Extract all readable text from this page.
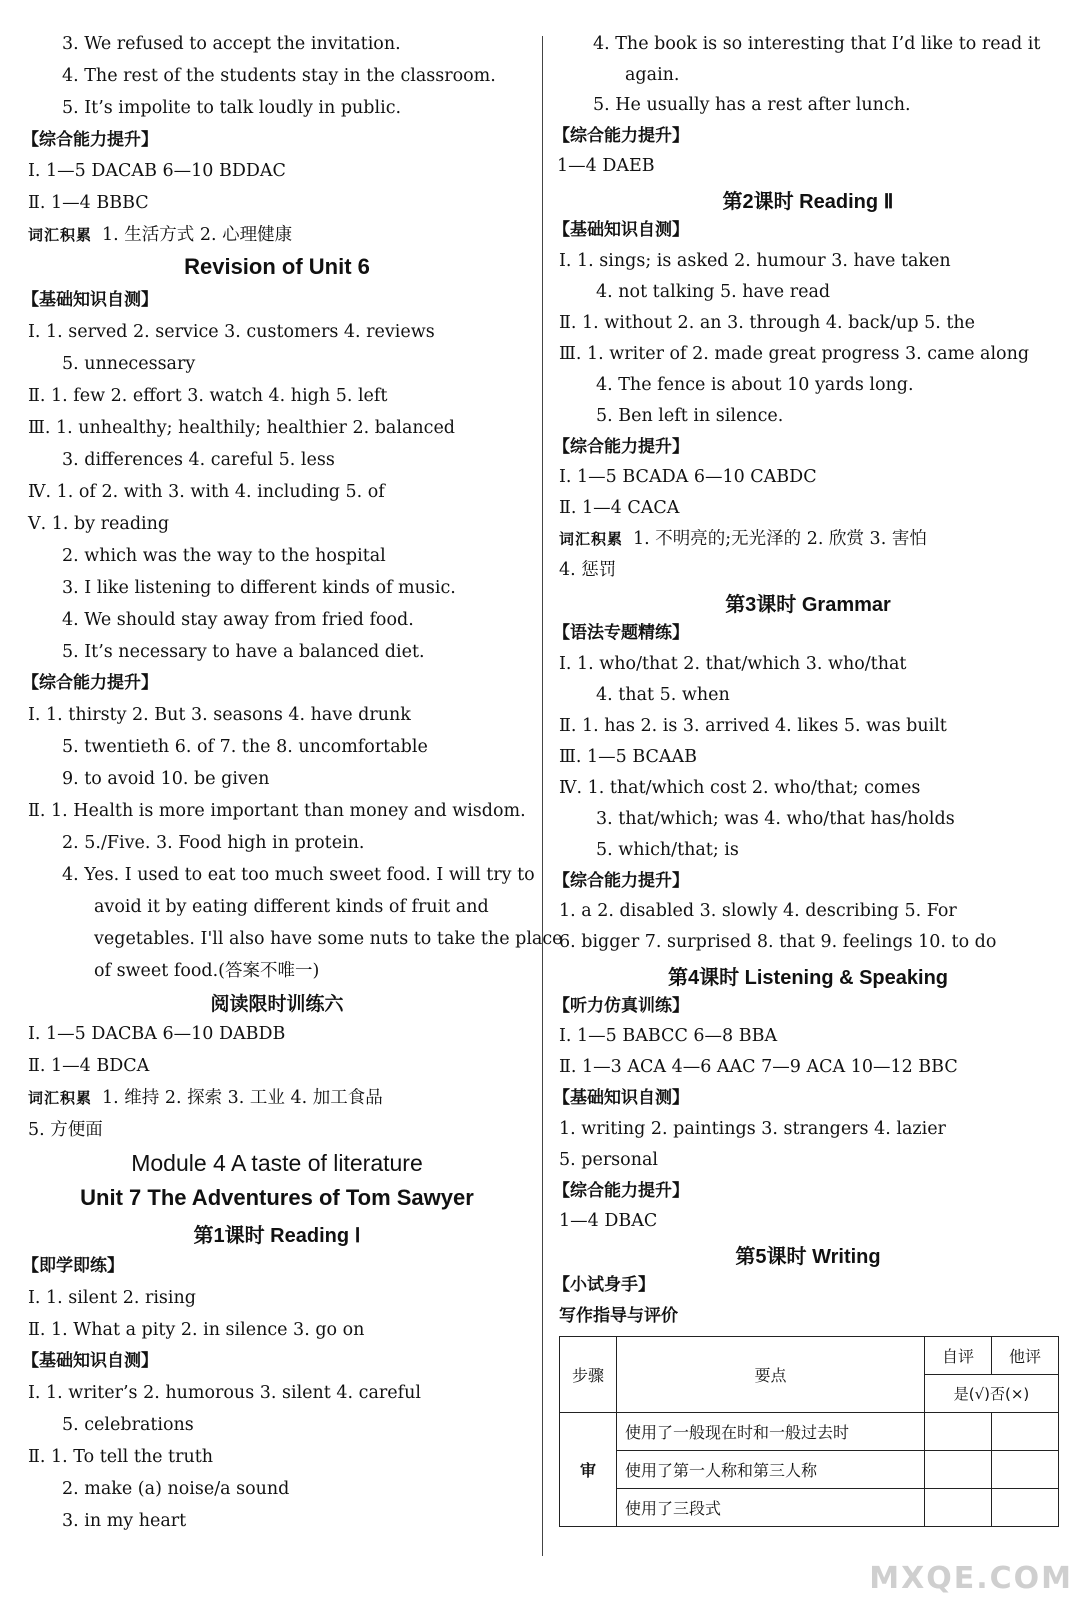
3. We refused to accept the invitation.
4. The rest of the students stay in the classroom.
5. It’s impolite to talk loudly in public.
【综合能力提升】
Ⅰ. 1—5 DACAB 6—10 BDDAC
Ⅱ. 1—4 BBBC
词汇积累 1. 生活方式 2. 心理健康
Revision of Unit 6
【基础知识自测】
Ⅰ. 1. served 2. service 3. customers 4. reviews
5. unnecessary
Ⅱ. 1. few 2. effort 3. watch 4. high 5. left
Ⅲ. 1. unhealthy; healthily; healthier 2. balanced
3. differences 4. careful 5. less
Ⅳ. 1. of 2. with 3. with 4. including 5. of
Ⅴ. 1. by reading
2. which was the way to the hospital
3. I like listening to different kinds of music.
4. We should stay away from fried food.
5. It’s necessary to have a balanced diet.
【综合能力提升】
Ⅰ. 1. thirsty 2. But 3. seasons 4. have drunk
5. twentieth 6. of 7. the 8. uncomfortable
9. to avoid 10. be given
Ⅱ. 1. Health is more important than money and wisdom.
2. 5./Five. 3. Food high in protein.
4. Yes. I used to eat too much sweet food. I will try to
avoid it by eating different kinds of fruit and
vegetables. I'll also have some nuts to take the place
of sweet food.(答案不唯一)
阅读限时训练六
Ⅰ. 1—5 DACBA 6—10 DABDB
Ⅱ. 1—4 BDCA
词汇积累 1. 维持 2. 探索 3. 工业 4. 加工食品
5. 方便面
Module 4 A taste of literature
Unit 7 The Adventures of Tom Sawyer
第1课时 Reading Ⅰ
【即学即练】
Ⅰ. 1. silent 2. rising
Ⅱ. 1. What a pity 2. in silence 3. go on
【基础知识自测】
Ⅰ. 1. writer’s 2. humorous 3. silent 4. careful
5. celebrations
Ⅱ. 1. To tell the truth
2. make (a) noise/a sound
3. in my heart
4. The book is so interesting that I’d like to read it
again.
5. He usually has a rest after lunch.
【综合能力提升】
1—4 DAEB
第2课时 Reading Ⅱ
【基础知识自测】
Ⅰ. 1. sings; is asked 2. humour 3. have taken
4. not talking 5. have read
Ⅱ. 1. without 2. an 3. through 4. back/up 5. the
Ⅲ. 1. writer of 2. made great progress 3. came along
4. The fence is about 10 yards long.
5. Ben left in silence.
【综合能力提升】
Ⅰ. 1—5 BCADA 6—10 CABDC
Ⅱ. 1—4 CACA
词汇积累 1. 不明亮的;无光泽的 2. 欣赏 3. 害怕
4. 惩罚
第3课时 Grammar
【语法专题精练】
Ⅰ. 1. who/that 2. that/which 3. who/that
4. that 5. when
Ⅱ. 1. has 2. is 3. arrived 4. likes 5. was built
Ⅲ. 1—5 BCAAB
Ⅳ. 1. that/which cost 2. who/that; comes
3. that/which; was 4. who/that has/holds
5. which/that; is
【综合能力提升】
1. a 2. disabled 3. slowly 4. describing 5. For
6. bigger 7. surprised 8. that 9. feelings 10. to do
第4课时 Listening & Speaking
【听力仿真训练】
Ⅰ. 1—5 BABCC 6—8 BBA
Ⅱ. 1—3 ACA 4—6 AAC 7—9 ACA 10—12 BBC
【基础知识自测】
1. writing 2. paintings 3. strangers 4. lazier
5. personal
【综合能力提升】
1—4 DBAC
第5课时 Writing
【小试身手】
写作指导与评价
步骤	要点	自评	他评
		是(√)否(×)	
审	使用了一般现在时和一般过去时		
	使用了第一人称和第三人称		
	使用了三段式		
MXQE.COM
